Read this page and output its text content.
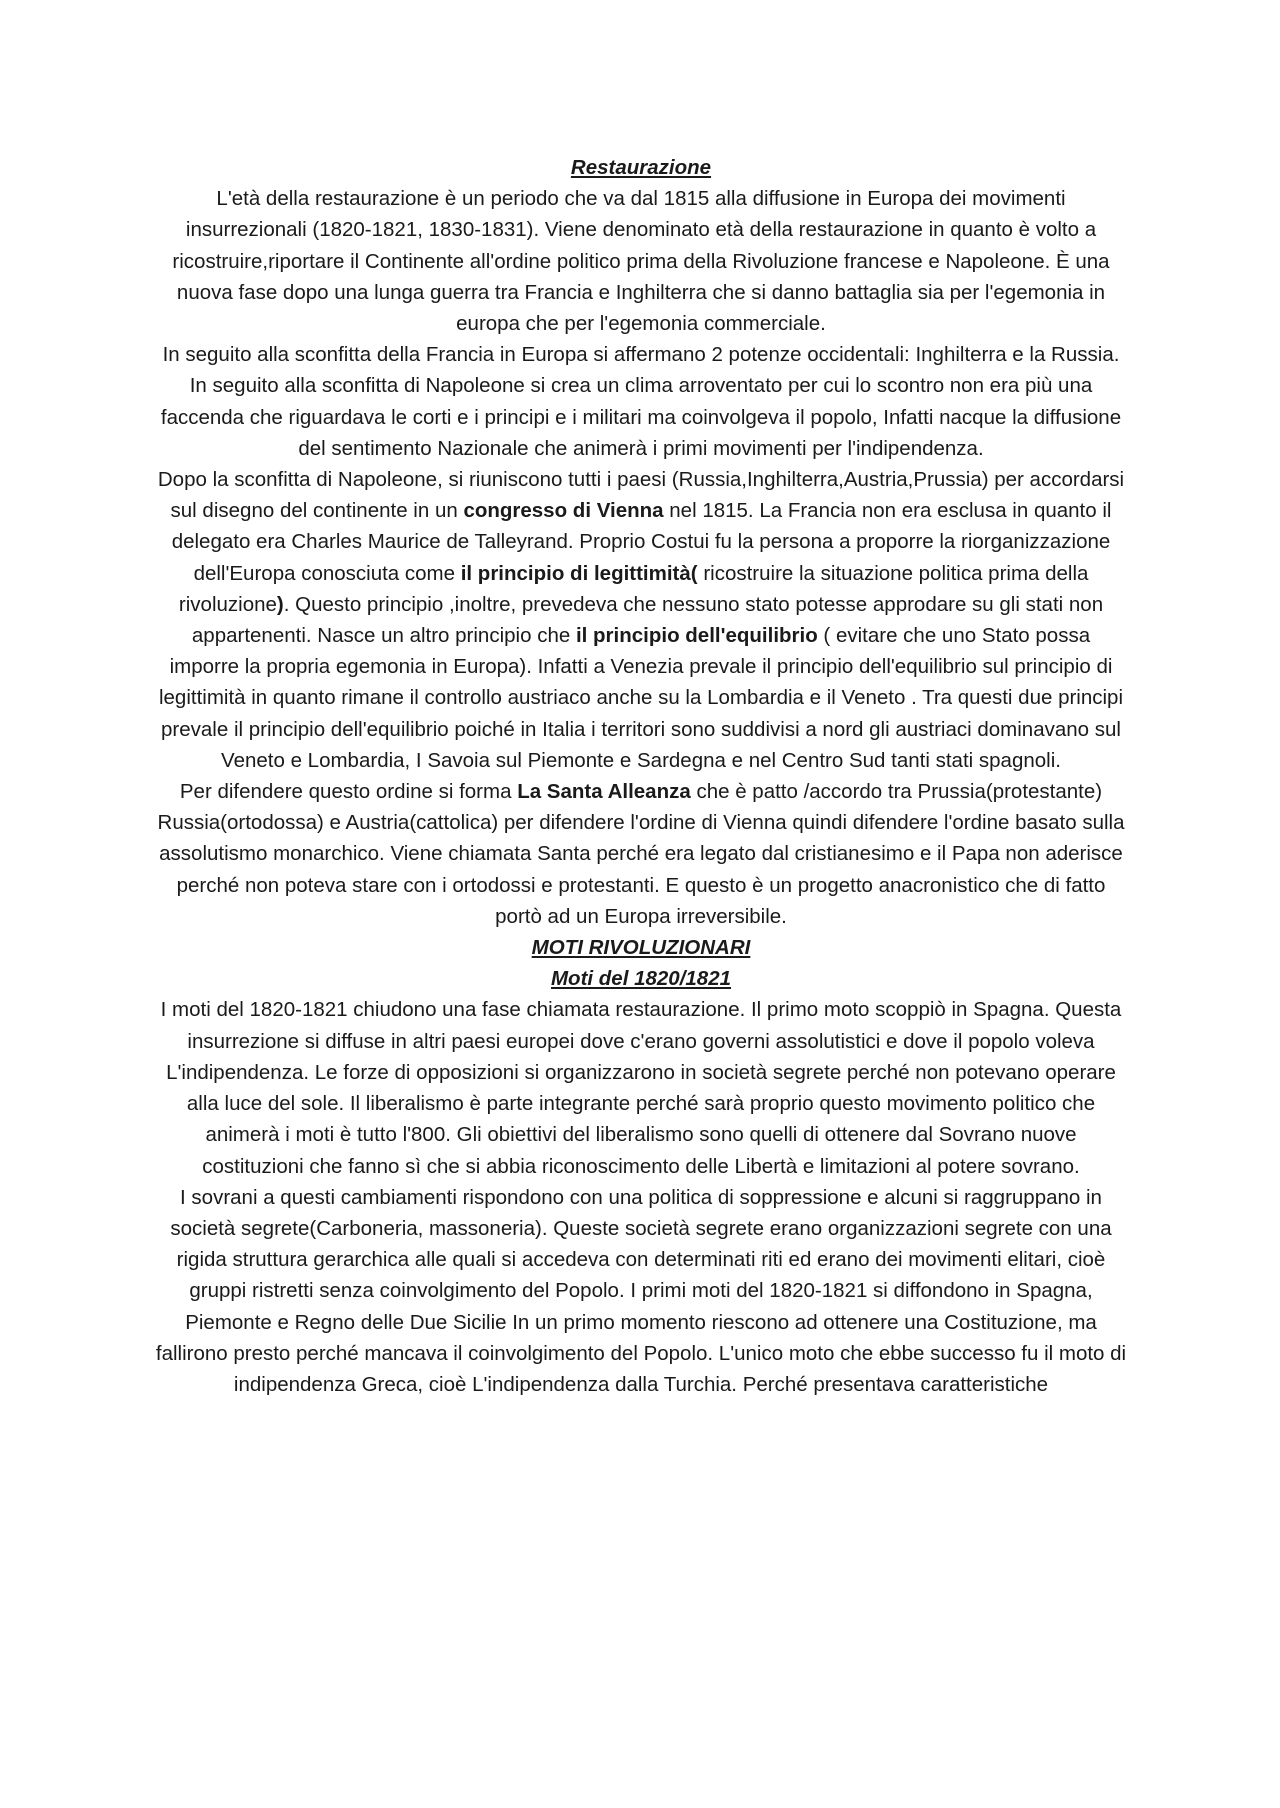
Restaurazione

L'età della restaurazione è un periodo che va dal 1815 alla diffusione in Europa dei movimenti insurrezionali (1820-1821, 1830-1831). Viene denominato età della restaurazione in quanto è volto a ricostruire,riportare il Continente all'ordine politico prima della Rivoluzione francese e Napoleone. È una nuova fase dopo una lunga guerra tra Francia e Inghilterra che si danno battaglia sia per l'egemonia in europa che per l'egemonia commerciale.

In seguito alla sconfitta della Francia in Europa si affermano 2 potenze occidentali: Inghilterra e la Russia.

In seguito alla sconfitta di Napoleone si crea un clima arroventato per cui lo scontro non era più una faccenda che riguardava le corti e i principi e i militari ma coinvolgeva il popolo, Infatti nacque la diffusione del sentimento Nazionale che animerà i primi movimenti per l'indipendenza.

Dopo la sconfitta di Napoleone, si riuniscono tutti i paesi (Russia,Inghilterra,Austria,Prussia) per accordarsi sul disegno del continente in un congresso di Vienna nel 1815. La Francia non era esclusa in quanto il delegato era Charles Maurice de Talleyrand. Proprio Costui fu la persona a proporre la riorganizzazione dell'Europa conosciuta come il principio di legittimità( ricostruire la situazione politica prima della rivoluzione). Questo principio ,inoltre, prevedeva che nessuno stato potesse approdare su gli stati non appartenenti. Nasce un altro principio che il principio dell'equilibrio ( evitare che uno Stato possa imporre la propria egemonia in Europa). Infatti a Venezia prevale il principio dell'equilibrio sul principio di legittimità in quanto rimane il controllo austriaco anche su la Lombardia e il Veneto . Tra questi due principi prevale il principio dell'equilibrio poiché in Italia i territori sono suddivisi a nord gli austriaci dominavano sul Veneto e Lombardia, I Savoia sul Piemonte e Sardegna e nel Centro Sud tanti stati spagnoli.

Per difendere questo ordine si forma La Santa Alleanza che è patto /accordo tra Prussia(protestante) Russia(ortodossa) e Austria(cattolica) per difendere l'ordine di Vienna quindi difendere l'ordine basato sulla assolutismo monarchico. Viene chiamata Santa perché era legato dal cristianesimo e il Papa non aderisce perché non poteva stare con i ortodossi e protestanti. E questo è un progetto anacronistico che di fatto portò ad un Europa irreversibile.

MOTI RIVOLUZIONARI

Moti del 1820/1821

I moti del 1820-1821 chiudono una fase chiamata restaurazione. Il primo moto scoppiò in Spagna. Questa insurrezione si diffuse in altri paesi europei dove c'erano governi assolutistici e dove il popolo voleva L'indipendenza. Le forze di opposizioni si organizzarono in società segrete perché non potevano operare alla luce del sole. Il liberalismo è parte integrante perché sarà proprio questo movimento politico che animerà i moti è tutto l'800. Gli obiettivi del liberalismo sono quelli di ottenere dal Sovrano nuove costituzioni che fanno sì che si abbia riconoscimento delle Libertà e limitazioni al potere sovrano.

I sovrani a questi cambiamenti rispondono con una politica di soppressione e alcuni si raggruppano in società segrete(Carboneria, massoneria). Queste società segrete erano organizzazioni segrete con una rigida struttura gerarchica alle quali si accedeva con determinati riti ed erano dei movimenti elitari, cioè gruppi ristretti senza coinvolgimento del Popolo. I primi moti del 1820-1821 si diffondono in Spagna, Piemonte e Regno delle Due Sicilie In un primo momento riescono ad ottenere una Costituzione, ma fallirono presto perché mancava il coinvolgimento del Popolo. L'unico moto che ebbe successo fu il moto di indipendenza Greca, cioè L'indipendenza dalla Turchia. Perché presentava caratteristiche
